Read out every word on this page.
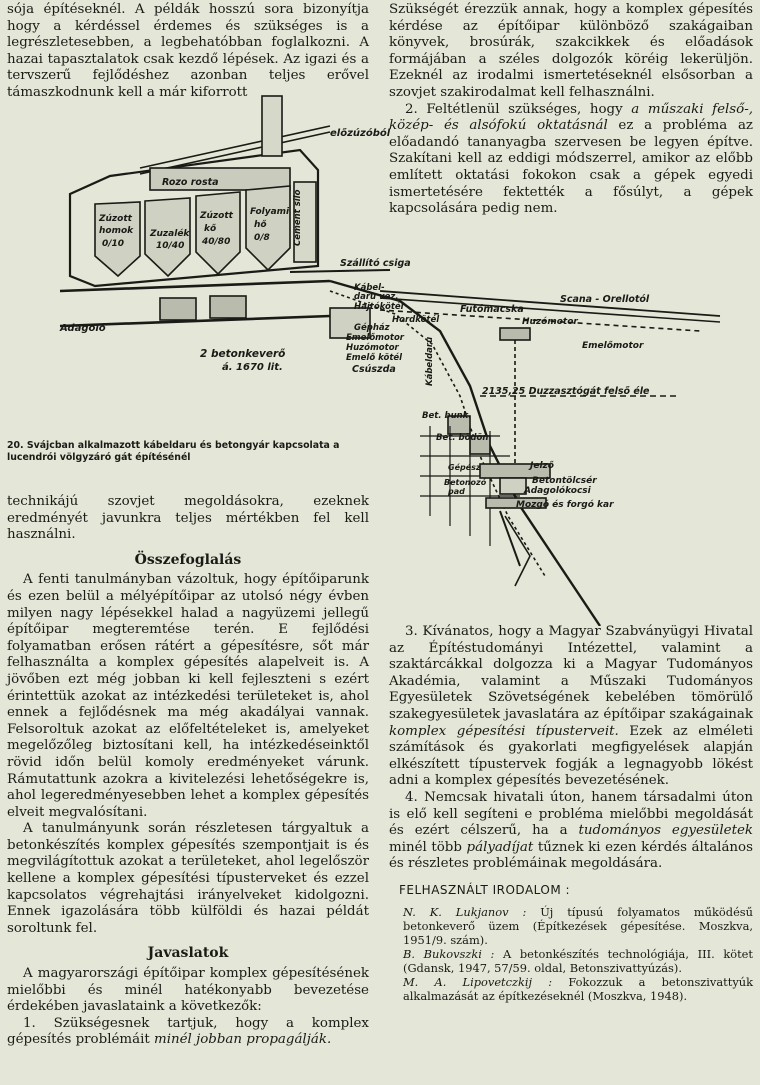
előzúzóból
Rozo rosta
Zúzott
homok
0/10
Zuzalék
10/40
Zúzott
kő
40/80
Folyami
hő
0/8	Cement silo
Szállító csiga
Kábel-
daru vez.
Hajtókötél
Hordkötél
Futómacska
Huzómotor
Scana - Orellotól
Gépház
Emelőmotor
Huzómotor
Emelő kötél
Emelőmotor
Adagoló
2 betonkeverő
á. 1670 lit.	Csúszda	Kábeldaru
2135,25 Duzzasztógát felső éle
Bet. bunk.
Bet. bödön
Jelző
Gépész
Betonozó
pad
Betontölcsér
Adagolókocsi
Mozgó és forgó kar

sója építéseknél. A példák hosszú sora bizonyítja hogy a kérdéssel érdemes és szükséges is a legrészletesebben, a legbehatóbban foglalkozni. A hazai tapasztalatok csak kezdő lépések. Az igazi és a tervszerű fejlődéshez azonban teljes erővel támaszkodnunk kell a már kiforrott

Szükségét érezzük annak, hogy a komplex gépesítés kérdése az építőipar különböző szakágaiban könyvek, brosúrák, szakcikkek és előadások formájában a széles dolgozók köréig lekerüljön. Ezeknél az irodalmi ismertetéseknél elsősorban a szovjet szakirodalmat kell felhasználni.

2. Feltétlenül szükséges, hogy a műszaki felső-, közép- és alsófokú oktatásnál ez a probléma az előadandó tananyagba szervesen be legyen építve. Szakítani kell az eddigi módszerrel, amikor az előbb említett oktatási fokokon csak a gépek egyedi ismertetésére fektették a fősúlyt, a gépek kapcsolására pedig nem.

20. Svájcban alkalmazott kábeldaru és betongyár kapcsolata a lucendrói völgyzáró gát építésénél

technikájú szovjet megoldásokra, ezeknek eredményét javunkra teljes mértékben fel kell használni.

Összefoglalás

A fenti tanulmányban vázoltuk, hogy építőiparunk és ezen belül a mélyépítőipar az utolsó négy évben milyen nagy lépésekkel halad a nagyüzemi jellegű építőipar megteremtése terén. E fejlődési folyamatban erősen rátért a gépesítésre, sőt már felhasználta a komplex gépesítés alapelveit is. A jövőben ezt még jobban ki kell fejleszteni s ezért érintettük azokat az intézkedési területeket is, ahol ennek a fejlődésnek ma még akadályai vannak. Felsoroltuk azokat az előfeltételeket is, amelyeket megelőzőleg biztosítani kell, ha intézkedéseinktől rövid időn belül komoly eredményeket várunk. Rámutattunk azokra a kivitelezési lehetőségekre is, ahol legeredményesebben lehet a komplex gépesítés elveit megvalósítani.

A tanulmányunk során részletesen tárgyaltuk a betonkészítés komplex gépesítés szempontjait is és megvilágítottuk azokat a területeket, ahol legelőször kellene a komplex gépesítési típusterveket és ezzel kapcsolatos végrehajtási irányelveket kidolgozni. Ennek igazolására több külföldi és hazai példát soroltunk fel.

Javaslatok

A magyarországi építőipar komplex gépesítésének mielőbbi és minél hatékonyabb bevezetése érdekében javaslataink a következők:

1. Szükségesnek tartjuk, hogy a komplex gépesítés problémáit minél jobban propagálják.

3. Kívánatos, hogy a Magyar Szabványügyi Hivatal az Építéstudományi Intézettel, valamint a szaktárcákkal dolgozza ki a Magyar Tudományos Akadémia, valamint a Műszaki Tudományos Egyesületek Szövetségének kebelében tömörülő szakegyesületek javaslatára az építőipar szakágainak komplex gépesítési típusterveit. Ezek az elméleti számítások és gyakorlati megfigyelések alapján elkészített típustervek fogják a legnagyobb lökést adni a komplex gépesítés bevezetésének.

4. Nemcsak hivatali úton, hanem társadalmi úton is elő kell segíteni e probléma mielőbbi megoldását és ezért célszerű, ha a tudományos egyesületek minél több pályadíjat tűznek ki ezen kérdés általános és részletes problémáinak megoldására.

FELHASZNÁLT IRODALOM :

N. K. Lukjanov : Új típusú folyamatos működésű betonkeverő üzem (Építkezések gépesítése. Moszkva, 1951/9. szám).

B. Bukovszki : A betonkészítés technológiája, III. kötet (Gdansk, 1947, 57/59. oldal, Betonszivattyúzás).

M. A. Lipovetczkij : Fokozzuk a betonszivattyúk alkalmazását az építkezéseknél (Moszkva, 1948).
